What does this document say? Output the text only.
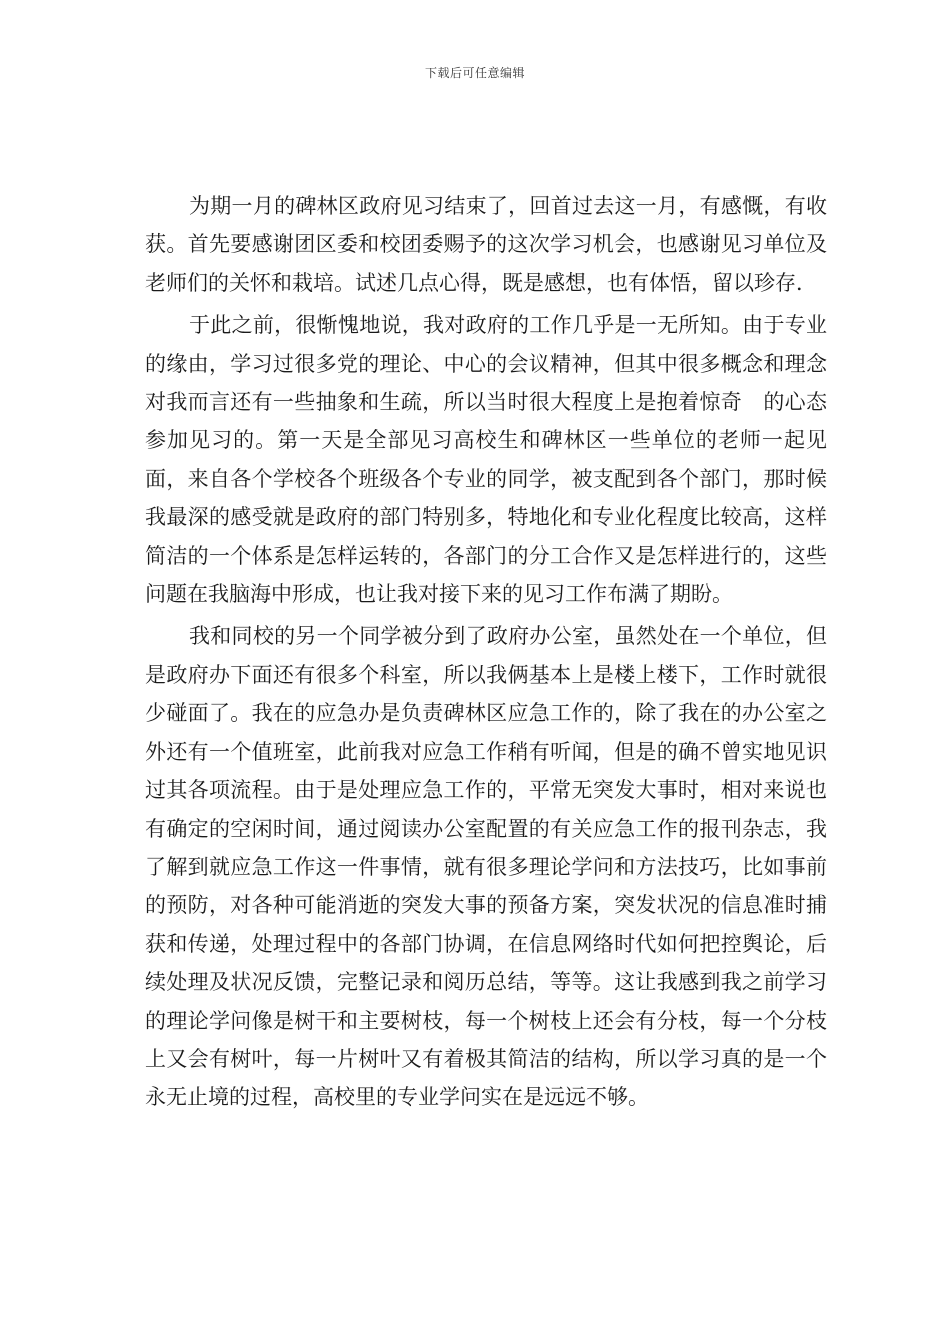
下载后可任意编辑

为期一月的碑林区政府见习结束了，回首过去这一月，有感慨，有收获。首先要感谢团区委和校团委赐予的这次学习机会，也感谢见习单位及老师们的关怀和栽培。试述几点心得，既是感想，也有体悟，留以珍存．

于此之前，很惭愧地说，我对政府的工作几乎是一无所知。由于专业的缘由，学习过很多党的理论、中心的会议精神，但其中很多概念和理念对我而言还有一些抽象和生疏，所以当时很大程度上是抱着惊奇　的心态参加见习的。第一天是全部见习高校生和碑林区一些单位的老师一起见面，来自各个学校各个班级各个专业的同学，被支配到各个部门，那时候我最深的感受就是政府的部门特别多，特地化和专业化程度比较高，这样简洁的一个体系是怎样运转的，各部门的分工合作又是怎样进行的，这些问题在我脑海中形成，也让我对接下来的见习工作布满了期盼。

我和同校的另一个同学被分到了政府办公室，虽然处在一个单位，但是政府办下面还有很多个科室，所以我俩基本上是楼上楼下，工作时就很少碰面了。我在的应急办是负责碑林区应急工作的，除了我在的办公室之外还有一个值班室，此前我对应急工作稍有听闻，但是的确不曾实地见识过其各项流程。由于是处理应急工作的，平常无突发大事时，相对来说也有确定的空闲时间，通过阅读办公室配置的有关应急工作的报刊杂志，我了解到就应急工作这一件事情，就有很多理论学问和方法技巧，比如事前的预防，对各种可能消逝的突发大事的预备方案，突发状况的信息准时捕获和传递，处理过程中的各部门协调，在信息网络时代如何把控舆论，后续处理及状况反馈，完整记录和阅历总结，等等。这让我感到我之前学习的理论学问像是树干和主要树枝，每一个树枝上还会有分枝，每一个分枝上又会有树叶，每一片树叶又有着极其简洁的结构，所以学习真的是一个永无止境的过程，高校里的专业学问实在是远远不够。
